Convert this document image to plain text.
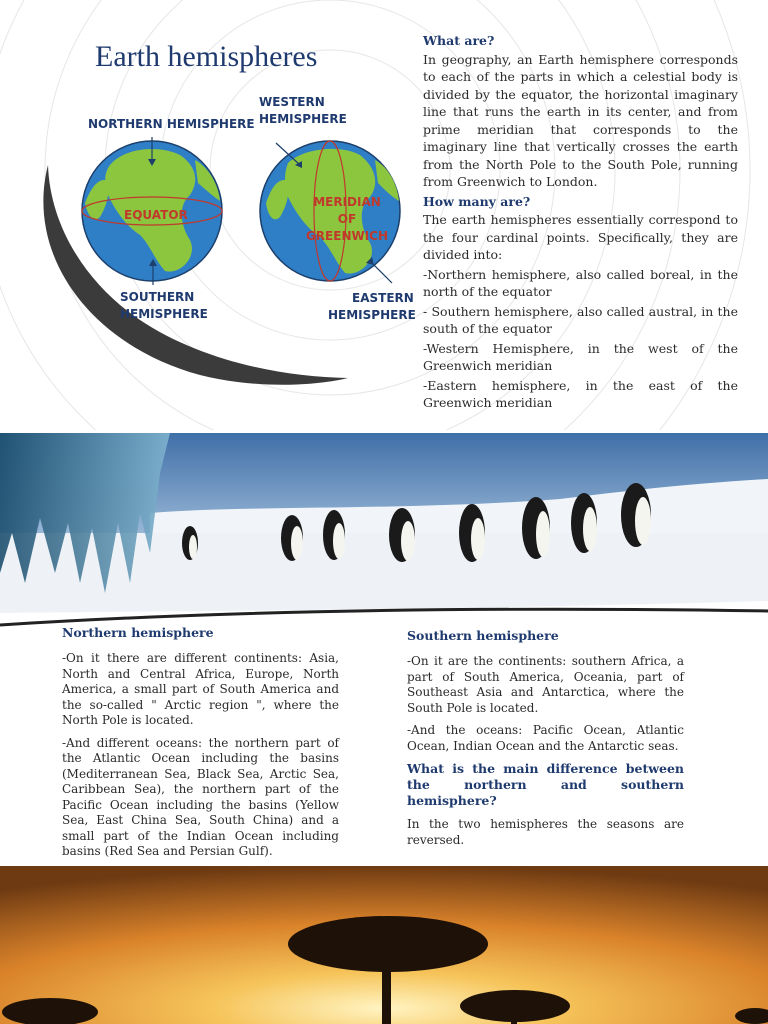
Earth hemispheres
NORTHERN HEMISPHERE
WESTERN
HEMISPHERE
EQUATOR
SOUTHERN
HEMISPHERE
MERIDIAN
OF
GREENWICH
EASTERN
HEMISPHERE
What are?

In geography, an Earth hemisphere corresponds to each of the parts in which a celestial body is divided by the equator, the horizontal imaginary line that runs the earth in its center, and from prime meridian that corresponds to the imaginary line that vertically crosses the earth from the North Pole to the South Pole, running from Greenwich to London.

How many are?

The earth hemispheres essentially correspond to the four cardinal points. Specifically, they are divided into:

-Northern hemisphere, also called boreal, in the north of the equator

- Southern hemisphere, also called austral, in the south of the equator

-Western Hemisphere, in the west of the Greenwich meridian

-Eastern hemisphere, in the east of the Greenwich meridian

Northern hemisphere

-On it there are different continents: Asia, North and Central Africa, Europe, North America, a small part of South America and the so-called " Arctic region ", where the North Pole is located.

-And different oceans: the northern part of the Atlantic Ocean including the basins (Mediterranean Sea, Black Sea, Arctic Sea, Caribbean Sea), the northern part of the Pacific Ocean including the basins (Yellow Sea, East China Sea, South China) and a small part of the Indian Ocean including basins (Red Sea and Persian Gulf).

Southern hemisphere

-On it are the continents: southern Africa, a part of South America, Oceania, part of Southeast Asia and Antarctica, where the South Pole is located.

-And the oceans: Pacific Ocean, Atlantic Ocean, Indian Ocean and the Antarctic seas.

What is the main difference between the northern and southern hemisphere?

In the two hemispheres the seasons are reversed.
